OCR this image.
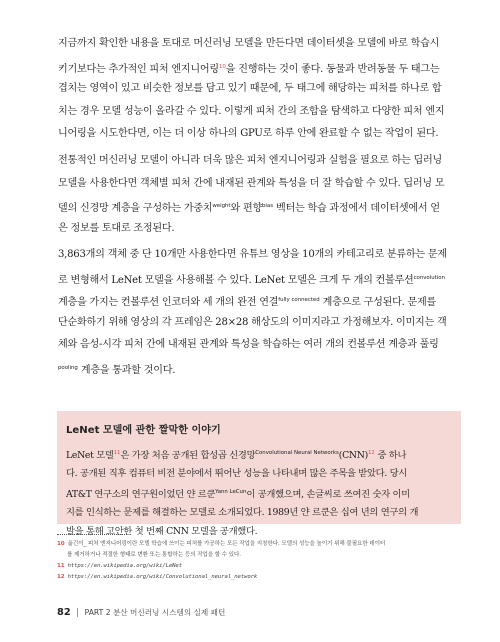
지금까지 확인한 내용을 토대로 머신러닝 모델을 만든다면 데이터셋을 모델에 바로 학습시
키기보다는 추가적인 피처 엔지니어링$^{10}$을 진행하는 것이 좋다. 동물과 반려동물 두 태그는
겹치는 영역이 있고 비슷한 정보를 담고 있기 때문에, 두 태그에 해당하는 피처를 하나로 합
치는 경우 모델 성능이 올라갈 수 있다. 이렇게 피처 간의 조합을 탐색하고 다양한 피처 엔지
니어링을 시도한다면, 이는 더 이상 하나의 GPU로 하루 안에 완료할 수 없는 작업이 된다.
전통적인 머신러닝 모델이 아니라 더욱 많은 피처 엔지니어링과 실험을 필요로 하는 딥러닝
모델을 사용한다면 객체별 피처 간에 내재된 관계와 특성을 더 잘 학습할 수 있다. 딥러닝 모
델의 신경망 계층을 구성하는 가중치$^{weight}$와 편향$^{bias}$ 벡터는 학습 과정에서 데이터셋에서 얻
은 정보를 토대로 조정된다.
3,863개의 객체 중 단 10개만 사용한다면 유튜브 영상을 10개의 카테고리로 분류하는 문제
로 변형해서 LeNet 모델을 사용해볼 수 있다. LeNet 모델은 크게 두 개의 컨볼루션$^{convolution}$
계층을 가지는 컨볼루션 인코더와 세 개의 완전 연결$^{fully connected}$ 계층으로 구성된다. 문제를
단순화하기 위해 영상의 각 프레임은 28×28 해상도의 이미지라고 가정해보자. 이미지는 객
체와 음성-시각 피처 간에 내재된 관계와 특성을 학습하는 여러 개의 컨볼루션 계층과 풀링
$^{pooling}$ 계층을 통과할 것이다.

LeNet 모델에 관한 짤막한 이야기

LeNet 모델$^{11}$은 가장 처음 공개된 합성곱 신경망$^{Convolutional Neural Networks}$(CNN)$^{12}$ 중 하나
다. 공개된 직후 컴퓨터 비전 분야에서 뛰어난 성능을 나타내며 많은 주목을 받았다. 당시
AT&T 연구소의 연구원이었던 얀 르쿤$^{Yann LeCun}$이 공개했으며, 손글씨로 쓰여진 숫자 이미
지를 인식하는 문제를 해결하는 모델로 소개되었다. 1989년 얀 르쿤은 십여 년의 연구의 개
발을 통해 고안한 첫 번째 CNN 모델을 공개했다.
10 옮긴이_ 피처 엔지니어링이란 모델 학습에 쓰이는 피처를 가공하는 모든 작업을 지칭한다. 모델의 성능을 높이기 위해 불필요한 데이터
를 제거하거나 적절한 형태로 변환 또는 통합하는 등의 작업을 할 수 있다.
11 https://en.wikipedia.org/wiki/LeNet
12 https://en.wikipedia.org/wiki/Convolutional_neural_network
82 PART 2 분산 머신러닝 시스템의 실제 패턴
